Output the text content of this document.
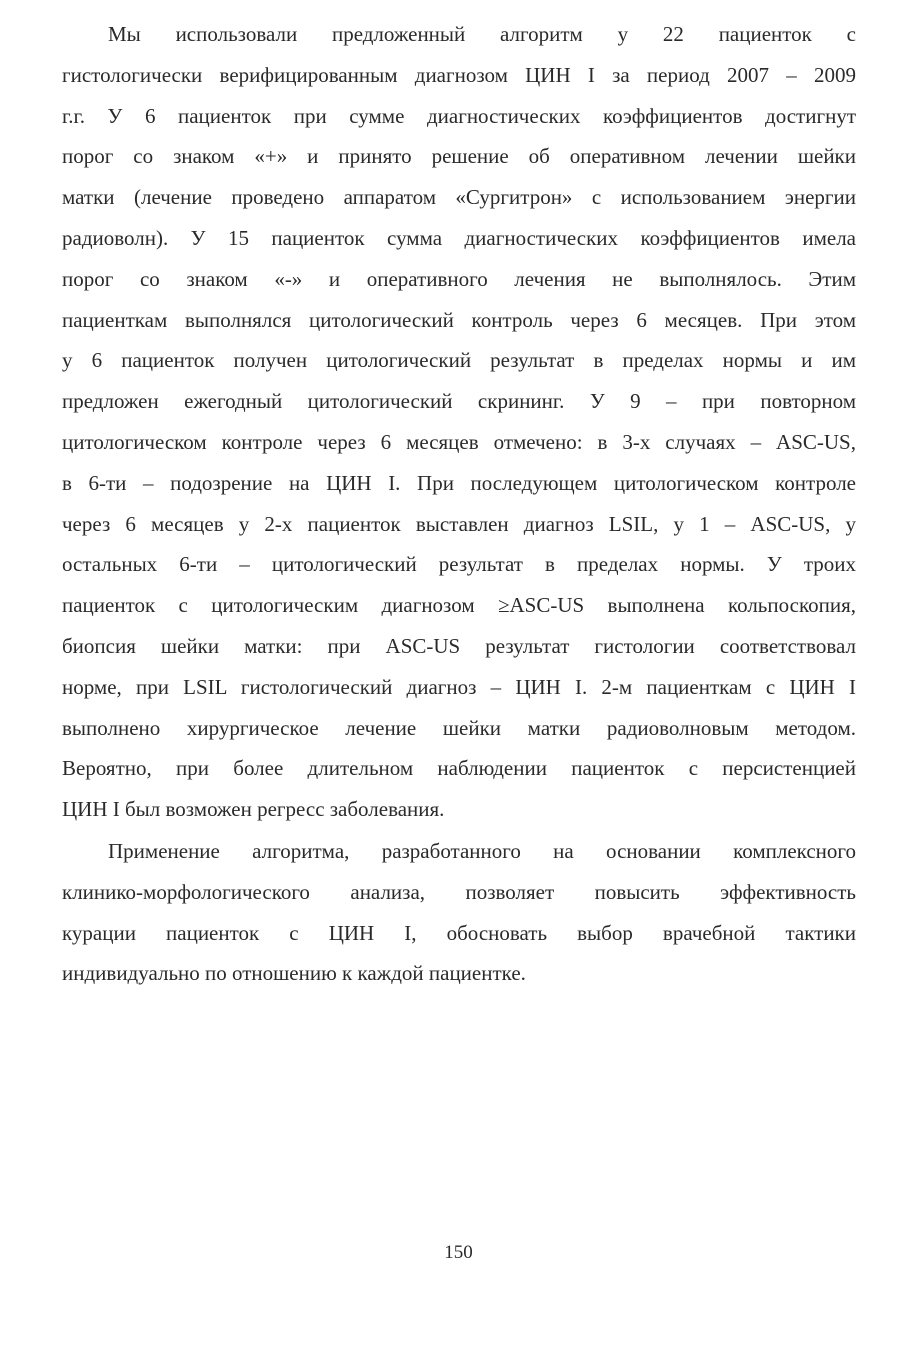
Мы использовали предложенный алгоритм у 22 пациенток с
гистологически верифицированным диагнозом ЦИН I за период 2007 – 2009
г.г. У 6 пациенток при сумме диагностических коэффициентов достигнут
порог со знаком «+» и принято решение об оперативном лечении шейки
матки (лечение проведено аппаратом «Сургитрон» с использованием энергии
радиоволн). У 15 пациенток сумма диагностических коэффициентов имела
порог со знаком «-» и оперативного лечения не выполнялось. Этим
пациенткам выполнялся цитологический контроль через 6 месяцев. При этом
у 6 пациенток получен цитологический результат в пределах нормы и им
предложен ежегодный цитологический скрининг. У 9 – при повторном
цитологическом контроле через 6 месяцев отмечено: в 3-х случаях – ASC-US,
в 6-ти – подозрение на ЦИН I. При последующем цитологическом контроле
через 6 месяцев у 2-х пациенток выставлен диагноз LSIL, у 1 – ASC-US, у
остальных 6-ти – цитологический результат в пределах нормы. У троих
пациенток с цитологическим диагнозом ≥ASC-US выполнена кольпоскопия,
биопсия шейки матки: при ASC-US результат гистологии соответствовал
норме, при LSIL гистологический диагноз – ЦИН I. 2-м пациенткам с ЦИН I
выполнено хирургическое лечение шейки матки радиоволновым методом.
Вероятно, при более длительном наблюдении пациенток с персистенцией
ЦИН I был возможен регресс заболевания.
Применение алгоритма, разработанного на основании комплексного
клинико-морфологического анализа, позволяет повысить эффективность
курации пациенток с ЦИН I, обосновать выбор врачебной тактики
индивидуально по отношению к каждой пациентке.
150
